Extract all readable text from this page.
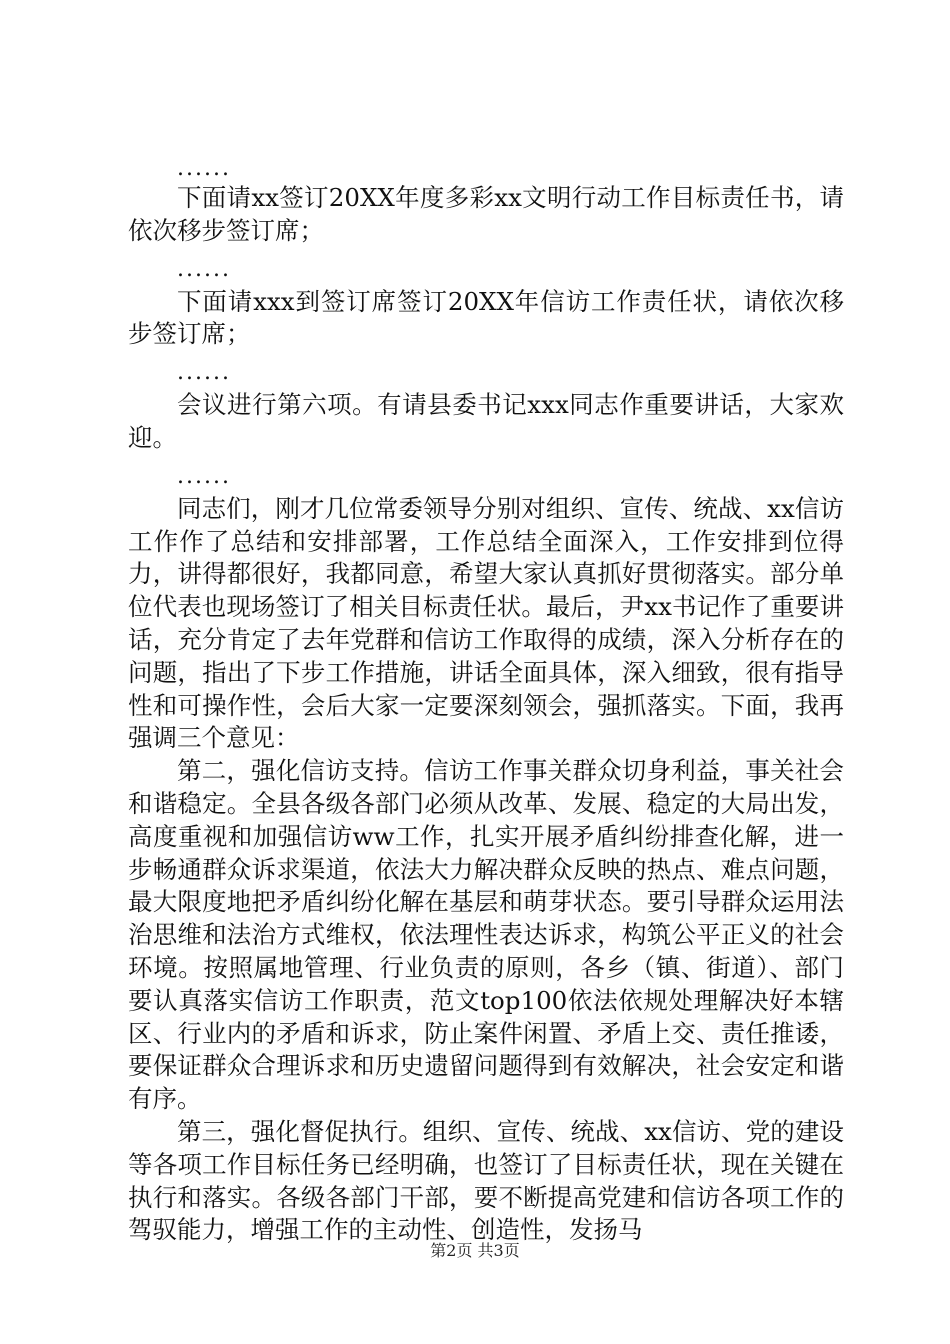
......

下面请xx签订20XX年度多彩xx文明行动工作目标责任书，请依次移步签订席；

......

下面请xxx到签订席签订20XX年信访工作责任状，请依次移步签订席；

......

会议进行第六项。有请县委书记xxx同志作重要讲话，大家欢迎。

......

同志们，刚才几位常委领导分别对组织、宣传、统战、xx信访工作作了总结和安排部署，工作总结全面深入，工作安排到位得力，讲得都很好，我都同意，希望大家认真抓好贯彻落实。部分单位代表也现场签订了相关目标责任状。最后，尹xx书记作了重要讲话，充分肯定了去年党群和信访工作取得的成绩，深入分析存在的问题，指出了下步工作措施，讲话全面具体，深入细致，很有指导性和可操作性，会后大家一定要深刻领会，强抓落实。下面，我再强调三个意见：

第二，强化信访支持。信访工作事关群众切身利益，事关社会和谐稳定。全县各级各部门必须从改革、发展、稳定的大局出发，高度重视和加强信访ww工作，扎实开展矛盾纠纷排查化解，进一步畅通群众诉求渠道，依法大力解决群众反映的热点、难点问题，最大限度地把矛盾纠纷化解在基层和萌芽状态。要引导群众运用法治思维和法治方式维权，依法理性表达诉求，构筑公平正义的社会环境。按照属地管理、行业负责的原则，各乡（镇、街道）、部门要认真落实信访工作职责，范文top100依法依规处理解决好本辖区、行业内的矛盾和诉求，防止案件闲置、矛盾上交、责任推诿，要保证群众合理诉求和历史遗留问题得到有效解决，社会安定和谐有序。

第三，强化督促执行。组织、宣传、统战、xx信访、党的建设等各项工作目标任务已经明确，也签订了目标责任状，现在关键在执行和落实。各级各部门干部，要不断提高党建和信访各项工作的驾驭能力，增强工作的主动性、创造性，发扬马

第2页 共3页
